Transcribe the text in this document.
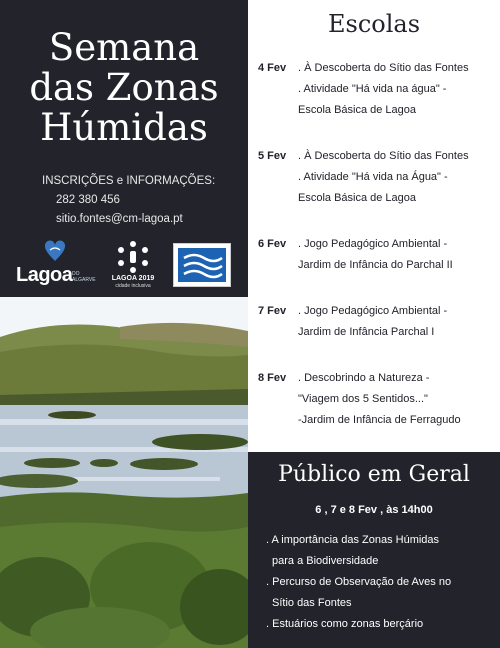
Semana
das Zonas
Húmidas
INSCRIÇÕES e INFORMAÇÕES:
282 380 456
sitio.fontes@cm-lagoa.pt
Lagoa DO ALGARVE	LAGOA 2019
cidade inclusiva
Escolas
4 Fev	. À Descoberta do Sítio das Fontes
. Atividade "Há vida na água" -
Escola Básica de Lagoa
5 Fev	. À Descoberta do Sítio das Fontes
. Atividade "Há vida na Água" -
Escola Básica de Lagoa
6 Fev	. Jogo Pedagógico Ambiental -
Jardim de Infância do Parchal II
7 Fev	. Jogo Pedagógico Ambiental -
Jardim de Infância Parchal I
8 Fev	. Descobrindo a Natureza -
"Viagem dos 5 Sentidos..."
-Jardim de Infância de Ferragudo
Público em Geral
6 , 7 e 8 Fev , às 14h00
. A importância das Zonas Húmidas
para a Biodiversidade
. Percurso de Observação de Aves no
Sítio das Fontes
. Estuários como zonas berçário
